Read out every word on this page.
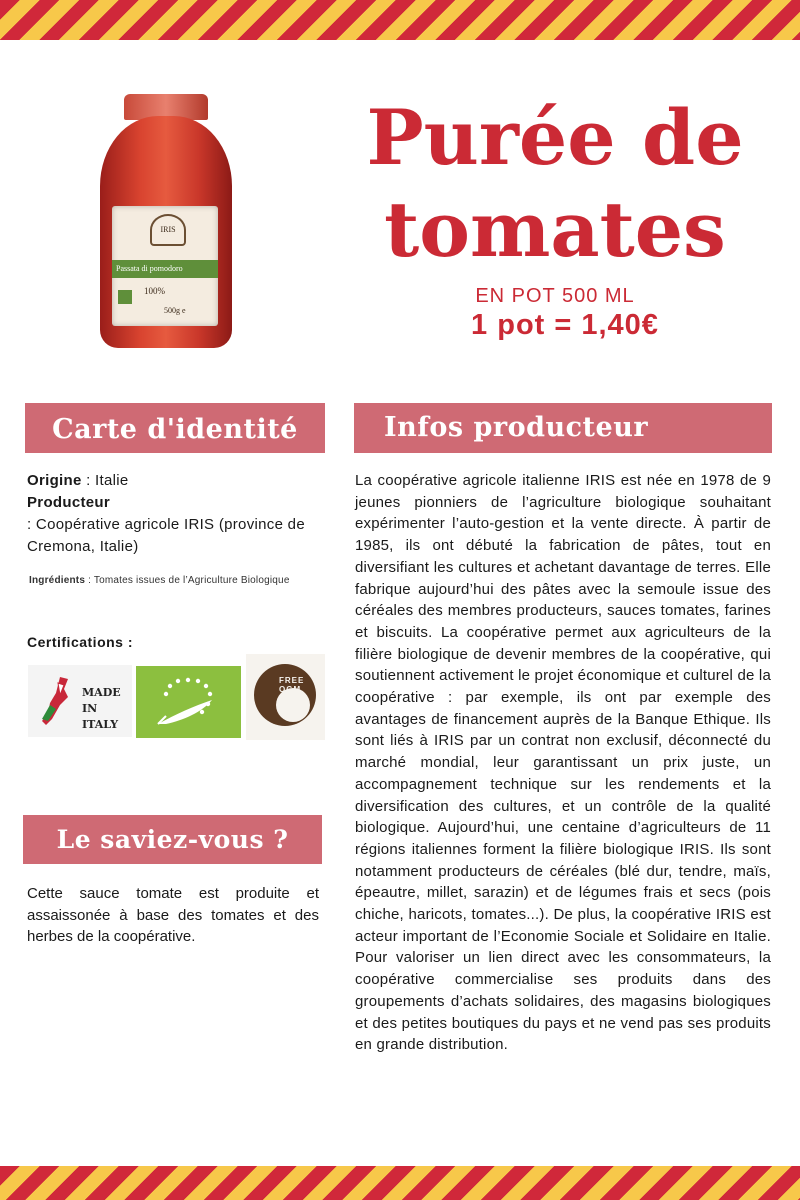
IRIS
Passata di pomodoro
100%
500g e
Purée de
tomates
EN POT 500 ML
1 pot = 1,40€
Carte d'identité
Origine : Italie
Producteur
: Coopérative agricole IRIS (province de Cremona, Italie)
Ingrédients : Tomates issues de l’Agriculture Biologique
Certifications :
MADE IN ITALY
FREE OGM
Le saviez-vous ?
Cette sauce tomate est produite et assaissonée à base des tomates et des herbes de la coopérative.
Infos producteur
La coopérative agricole italienne IRIS est née en 1978 de 9 jeunes pionniers de l’agriculture biologique souhaitant expérimenter l’auto-gestion et la vente directe. À partir de 1985, ils ont débuté la fabrication de pâtes, tout en diversifiant les cultures et achetant davantage de terres. Elle fabrique aujourd’hui des pâtes avec la semoule issue des céréales des membres producteurs, sauces tomates, farines et biscuits. La coopérative permet aux agriculteurs de la filière biologique de devenir membres de la coopérative, qui soutiennent activement le projet économique et culturel de la coopérative : par exemple, ils ont par exemple des avantages de financement auprès de la Banque Ethique. Ils sont liés à IRIS par un contrat non exclusif, déconnecté du marché mondial, leur garantissant un prix juste, un accompagnement technique sur les rendements et la diversification des cultures, et un contrôle de la qualité biologique. Aujourd’hui, une centaine d’agriculteurs de 11 régions italiennes forment la filière biologique IRIS. Ils sont notamment producteurs de céréales (blé dur, tendre, maïs, épeautre, millet, sarazin) et de légumes frais et secs (pois chiche, haricots, tomates...). De plus, la coopérative IRIS est acteur important de l’Economie Sociale et Solidaire en Italie. Pour valoriser un lien direct avec les consommateurs, la coopérative commercialise ses produits dans des groupements d’achats solidaires, des magasins biologiques et des petites boutiques du pays et ne vend pas ses produits en grande distribution.
